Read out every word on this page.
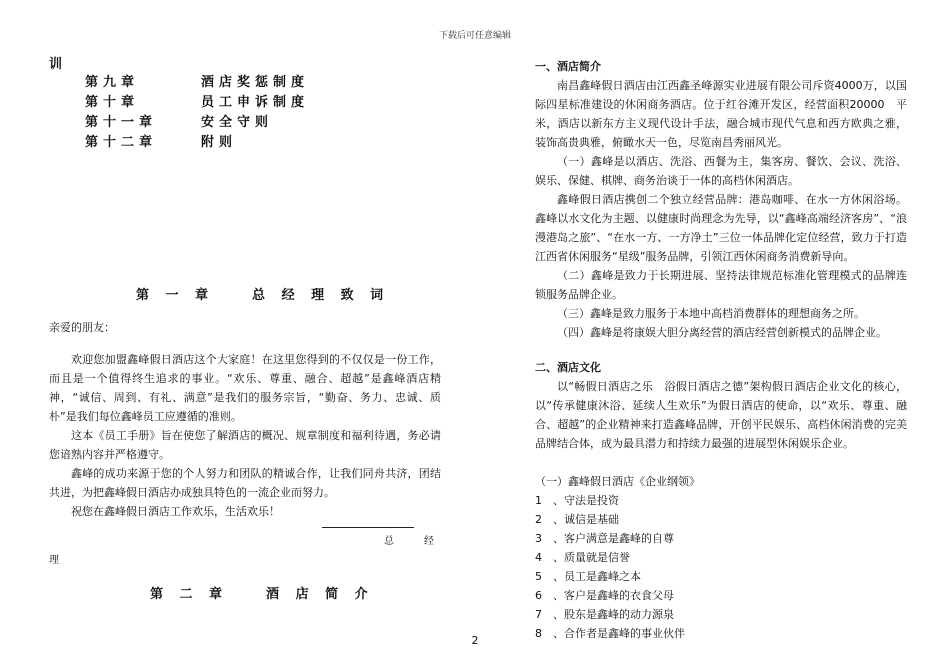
下载后可任意编辑
训
第九章	酒店奖惩制度
第十章	员工申诉制度
第十一章	安全守则
第十二章	附则
第 一 章　　总 经 理 致 词
亲爱的朋友：

欢迎您加盟鑫峰假日酒店这个大家庭！在这里您得到的不仅仅是一份工作，而且是一个值得终生追求的事业。“欢乐、尊重、融合、超越”是鑫峰酒店精神，“诚信、周到、有礼、满意”是我们的服务宗旨，“勤奋、务力、忠诚、质朴”是我们每位鑫峰员工应遵循的准则。

这本《员工手册》旨在使您了解酒店的概况、规章制度和福利待遇，务必请您谙熟内容并严格遵守。

鑫峰的成功来源于您的个人努力和团队的精诚合作，让我们同舟共济，团结共进，为把鑫峰假日酒店办成独具特色的一流企业而努力。

祝您在鑫峰假日酒店工作欢乐，生活欢乐！

总经
理
第 二 章　　酒 店 简 介

一、酒店简介

南昌鑫峰假日酒店由江西鑫圣峰源实业进展有限公司斥资4000万，以国际四星标准建设的休闲商务酒店。位于红谷滩开发区，经营面积20000　平米，酒店以新东方主义现代设计手法，融合城市现代气息和西方欧典之雅，装饰高贵典雅，俯瞰水天一色，尽览南昌秀丽风光。

（一）鑫峰是以酒店、洗浴、西餐为主，集客房、餐饮、会议、洗浴、娱乐、保健、棋牌、商务治谈于一体的高档休闲酒店。

鑫峰假日酒店携创二个独立经营品牌：港岛咖啡、在水一方休闲浴场。鑫峰以水文化为主题、以健康时尚理念为先导，以“鑫峰高端经济客房”、“浪漫港岛之旅”、“在水一方、一方净土”三位一体品牌化定位经营，致力于打造江西省休闲服务“星级”服务品牌，引领江西休闲商务消费新导向。

（二）鑫峰是致力于长期进展、坚持法律规范标准化管理模式的品牌连锁服务品牌企业。

（三）鑫峰是致力服务于本地中高档消费群体的理想商务之所。

（四）鑫峰是将康娱大胆分离经营的酒店经营创新模式的品牌企业。

二、酒店文化

以“畅假日酒店之乐　浴假日酒店之德”架构假日酒店企业文化的核心，以“传承健康沐浴、延续人生欢乐”为假日酒店的使命，以“欢乐、尊重、融合、超越”的企业精神来打造鑫峰品牌，开创平民娱乐、高档休闲消费的完美品牌结合体，成为最具潜力和持续力最强的进展型休闲娱乐企业。

（一）鑫峰假日酒店《企业纲领》

1　、守法是投资

2　、诚信是基础

3　、客户满意是鑫峰的自尊

4　、质量就是信誉

5　、员工是鑫峰之本

6　、客户是鑫峰的衣食父母

7　、股东是鑫峰的动力源泉

8　、合作者是鑫峰的事业伙伴

2
